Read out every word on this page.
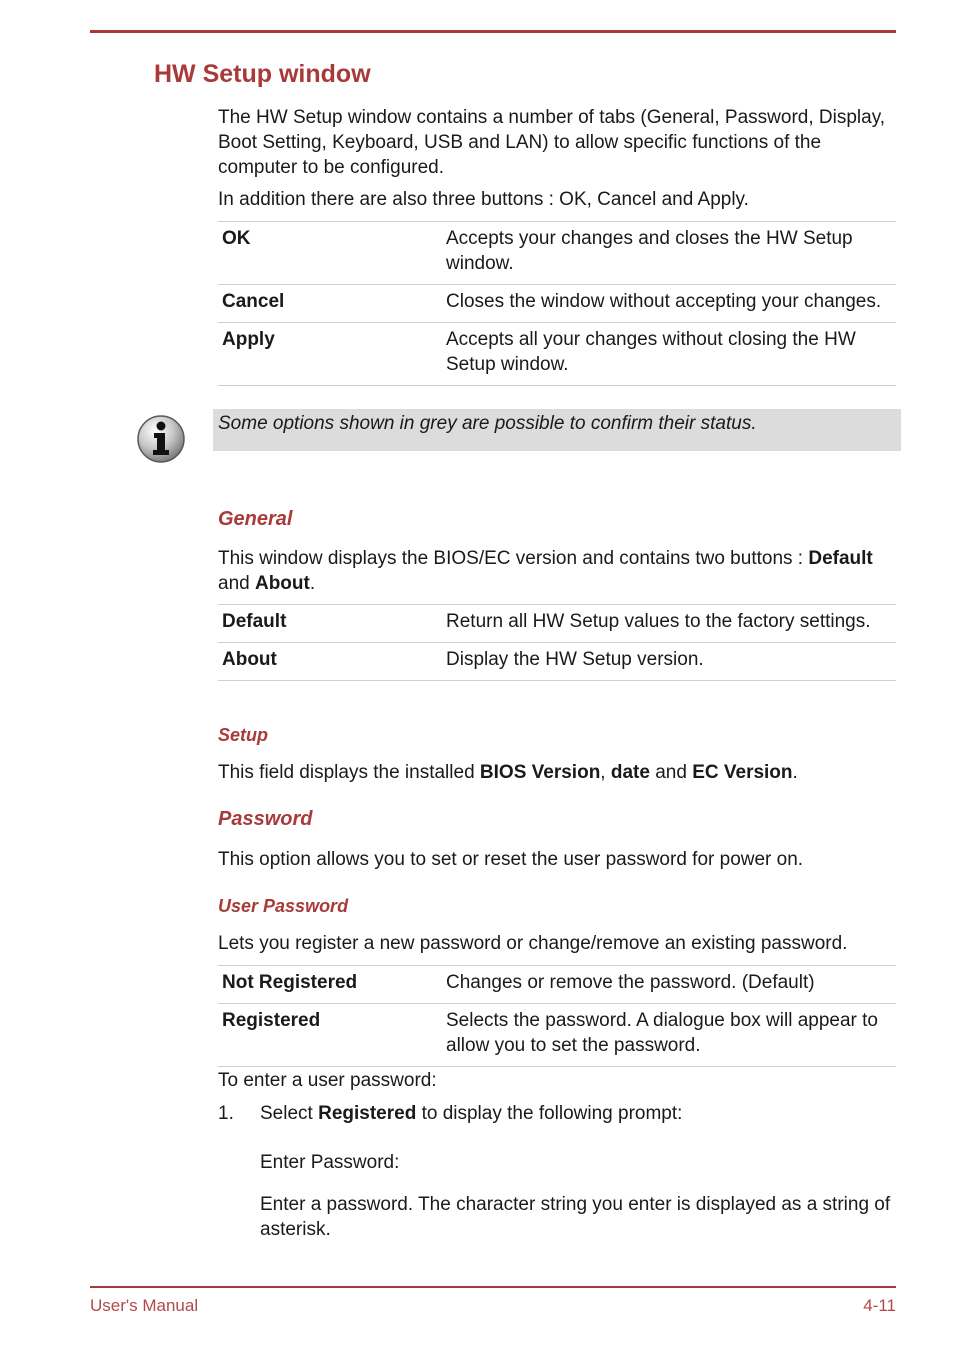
HW Setup window
The HW Setup window contains a number of tabs (General, Password, Display, Boot Setting, Keyboard, USB and LAN) to allow specific functions of the computer to be configured.
In addition there are also three buttons : OK, Cancel and Apply.
OK	Accepts your changes and closes the HW Setup window.
Cancel	Closes the window without accepting your changes.
Apply	Accepts all your changes without closing the HW Setup window.
Some options shown in grey are possible to confirm their status.
General
This window displays the BIOS/EC version and contains two buttons : Default and About.
Default	Return all HW Setup values to the factory settings.
About	Display the HW Setup version.
Setup
This field displays the installed BIOS Version, date and EC Version.
Password
This option allows you to set or reset the user password for power on.
User Password
Lets you register a new password or change/remove an existing password.
Not Registered	Changes or remove the password. (Default)
Registered	Selects the password. A dialogue box will appear to allow you to set the password.
To enter a user password:
1. Select Registered to display the following prompt:
Enter Password:
Enter a password. The character string you enter is displayed as a string of asterisk.
User's Manual	4-11
